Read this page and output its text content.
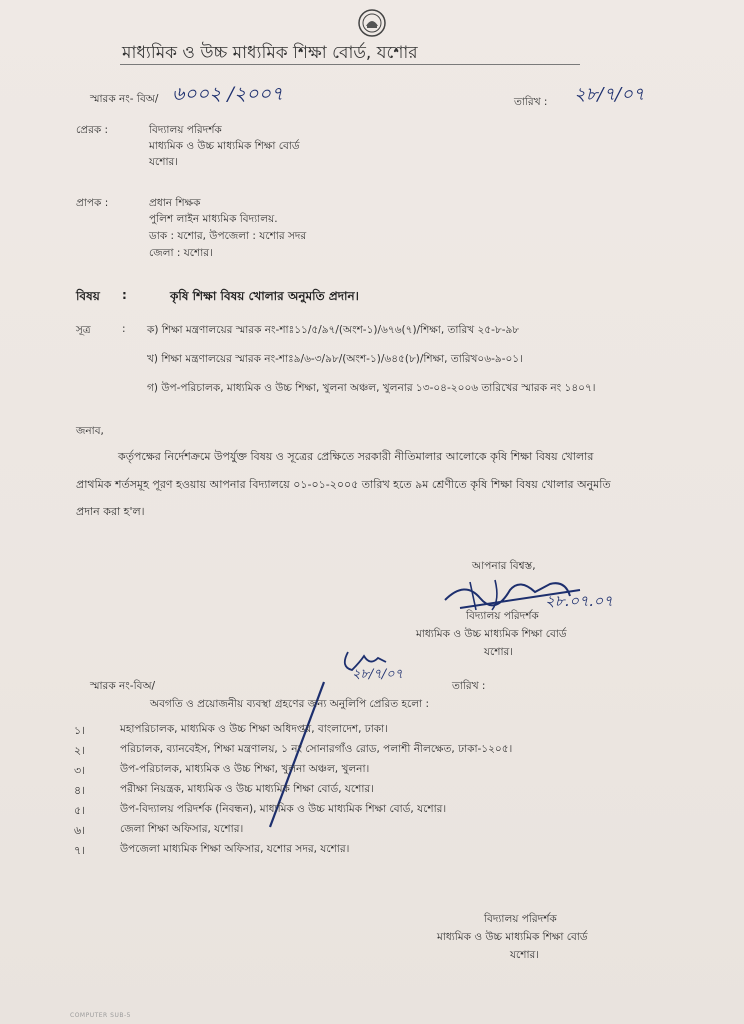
মাধ্যমিক ও উচ্চ মাধ্যমিক শিক্ষা বোর্ড, যশোর
স্মারক নং- বিঅ/ ৬০০২ /২০০৭	তারিখ : ২৮/৭/০৭
প্রেরক :	বিদ্যালয় পরিদর্শক
মাধ্যমিক ও উচ্চ মাধ্যমিক শিক্ষা বোর্ড
যশোর।
প্রাপক :	প্রধান শিক্ষক
পুলিশ লাইন মাধ্যমিক বিদ্যালয়.
ডাক : যশোর, উপজেলা : যশোর সদর
জেলা : যশোর।
বিষয় :	কৃষি শিক্ষা বিষয় খোলার অনুমতি প্রদান।
সূত্র	: ক) শিক্ষা মন্ত্রণালয়ের স্মারক নং-শাঃ১১/৫/৯৭/(অংশ-১)/৬৭৬(৭)/শিক্ষা, তারিখ ২৫-৮-৯৮
খ) শিক্ষা মন্ত্রণালয়ের স্মারক নং-শাঃ৯/৬-৩/৯৮/(অংশ-১)/৬৪৫(৮)/শিক্ষা, তারিখ০৬-৯-০১।
গ) উপ-পরিচালক, মাধ্যমিক ও উচ্চ শিক্ষা, খুলনা অঞ্চল, খুলনার ১৩-০৪-২০০৬ তারিখের স্মারক নং ১৪০৭।
জনাব,
কর্তৃপক্ষের নির্দেশক্রমে উপর্যুক্ত বিষয় ও সূত্রের প্রেক্ষিতে সরকারী নীতিমালার আলোকে কৃষি শিক্ষা বিষয় খোলার
প্রাথমিক শর্তসমূহ পূরণ হওয়ায় আপনার বিদ্যালয়ে ০১-০১-২০০৫ তারিখ হতে ৯ম শ্রেণীতে কৃষি শিক্ষা বিষয় খোলার অনুমতি
প্রদান করা হ'ল।
আপনার বিশ্বস্ত,
২৮.০৭.০৭
বিদ্যালয় পরিদর্শক
মাধ্যমিক ও উচ্চ মাধ্যমিক শিক্ষা বোর্ড
যশোর।
২৮/৭/০৭
স্মারক নং-বিঅ/	তারিখ :
অবগতি ও প্রয়োজনীয় ব্যবস্থা গ্রহণের জন্য অনুলিপি প্রেরিত হলো :
১।	মহাপরিচালক, মাধ্যমিক ও উচ্চ শিক্ষা অধিদপ্তর, বাংলাদেশ, ঢাকা।
২।	পরিচালক, ব্যানবেইস, শিক্ষা মন্ত্রণালয়, ১ নং সোনারগাঁও রোড, পলাশী নীলক্ষেত, ঢাকা-১২০৫।
৩।	উপ-পরিচালক, মাধ্যমিক ও উচ্চ শিক্ষা, খুলনা অঞ্চল, খুলনা।
৪।	পরীক্ষা নিয়ন্ত্রক, মাধ্যমিক ও উচ্চ মাধ্যমিক শিক্ষা বোর্ড, যশোর।
৫।	উপ-বিদ্যালয় পরিদর্শক (নিবন্ধন), মাধ্যমিক ও উচ্চ মাধ্যমিক শিক্ষা বোর্ড, যশোর।
৬।	জেলা শিক্ষা অফিসার, যশোর।
৭।	উপজেলা মাধ্যমিক শিক্ষা অফিসার, যশোর সদর, যশোর।
বিদ্যালয় পরিদর্শক
মাধ্যমিক ও উচ্চ মাধ্যমিক শিক্ষা বোর্ড
যশোর।
COMPUTER SUB-5
